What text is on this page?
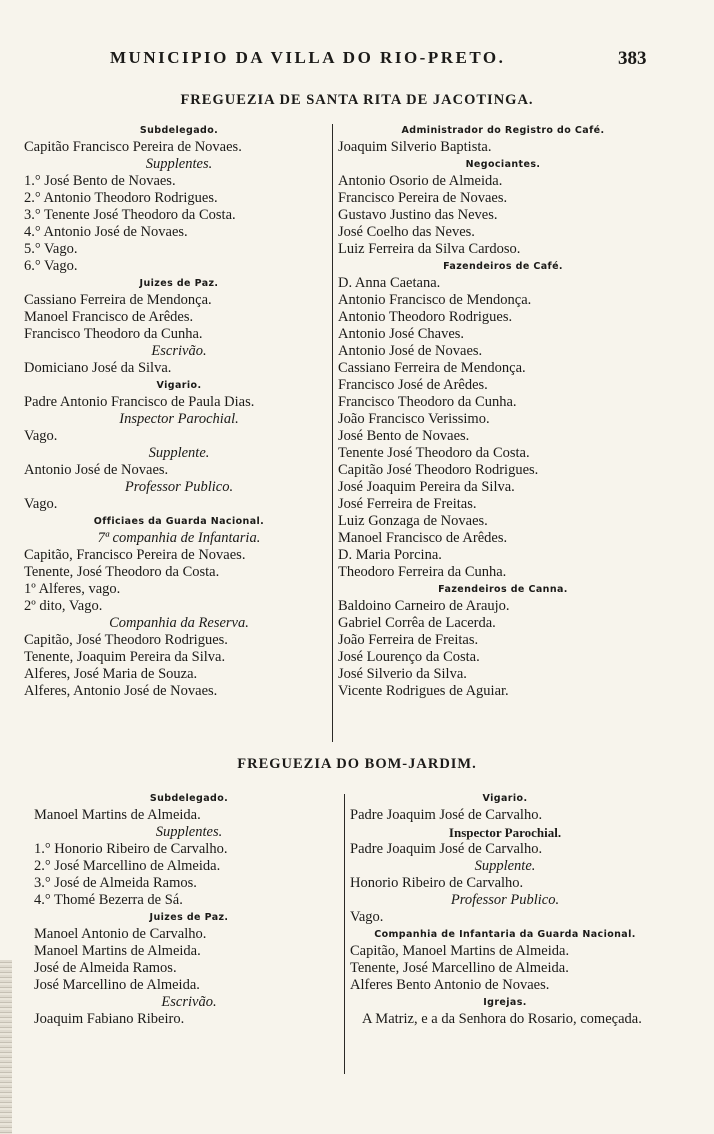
MUNICIPIO DA VILLA DO RIO-PRETO.	383
FREGUEZIA DE SANTA RITA DE JACOTINGA.
Subdelegado.
Capitão Francisco Pereira de Novaes.
Supplentes.
1.° José Bento de Novaes.
2.° Antonio Theodoro Rodrigues.
3.° Tenente José Theodoro da Costa.
4.° Antonio José de Novaes.
5.° Vago.
6.° Vago.
Juizes de Paz.
Cassiano Ferreira de Mendonça.
Manoel Francisco de Arêdes.
Francisco Theodoro da Cunha.
Escrivão.
Domiciano José da Silva.
Vigario.
Padre Antonio Francisco de Paula Dias.
Inspector Parochial.
Vago.
Supplente.
Antonio José de Novaes.
Professor Publico.
Vago.
Officiaes da Guarda Nacional.
7ª companhia de Infantaria.
Capitão, Francisco Pereira de Novaes.
Tenente, José Theodoro da Costa.
1º Alferes, vago.
2º dito, Vago.
Companhia da Reserva.
Capitão, José Theodoro Rodrigues.
Tenente, Joaquim Pereira da Silva.
Alferes, José Maria de Souza.
Alferes, Antonio José de Novaes.
Administrador do Registro do Café.
Joaquim Silverio Baptista.
Negociantes.
Antonio Osorio de Almeida.
Francisco Pereira de Novaes.
Gustavo Justino das Neves.
José Coelho das Neves.
Luiz Ferreira da Silva Cardoso.
Fazendeiros de Café.
D. Anna Caetana.
Antonio Francisco de Mendonça.
Antonio Theodoro Rodrigues.
Antonio José Chaves.
Antonio José de Novaes.
Cassiano Ferreira de Mendonça.
Francisco José de Arêdes.
Francisco Theodoro da Cunha.
João Francisco Verissimo.
José Bento de Novaes.
Tenente José Theodoro da Costa.
Capitão José Theodoro Rodrigues.
José Joaquim Pereira da Silva.
José Ferreira de Freitas.
Luiz Gonzaga de Novaes.
Manoel Francisco de Arêdes.
D. Maria Porcina.
Theodoro Ferreira da Cunha.
Fazendeiros de Canna.
Baldoino Carneiro de Araujo.
Gabriel Corrêa de Lacerda.
João Ferreira de Freitas.
José Lourenço da Costa.
José Silverio da Silva.
Vicente Rodrigues de Aguiar.
FREGUEZIA DO BOM-JARDIM.
Subdelegado.
Manoel Martins de Almeida.
Supplentes.
1.° Honorio Ribeiro de Carvalho.
2.° José Marcellino de Almeida.
3.° José de Almeida Ramos.
4.° Thomé Bezerra de Sá.
Juizes de Paz.
Manoel Antonio de Carvalho.
Manoel Martins de Almeida.
José de Almeida Ramos.
José Marcellino de Almeida.
Escrivão.
Joaquim Fabiano Ribeiro.
Vigario.
Padre Joaquim José de Carvalho.
Inspector Parochial.
Padre Joaquim José de Carvalho.
Supplente.
Honorio Ribeiro de Carvalho.
Professor Publico.
Vago.
Companhia de Infantaria da Guarda Nacional.
Capitão, Manoel Martins de Almeida.
Tenente, José Marcellino de Almeida.
Alferes Bento Antonio de Novaes.
Igrejas.
A Matriz, e a da Senhora do Rosario, começada.
